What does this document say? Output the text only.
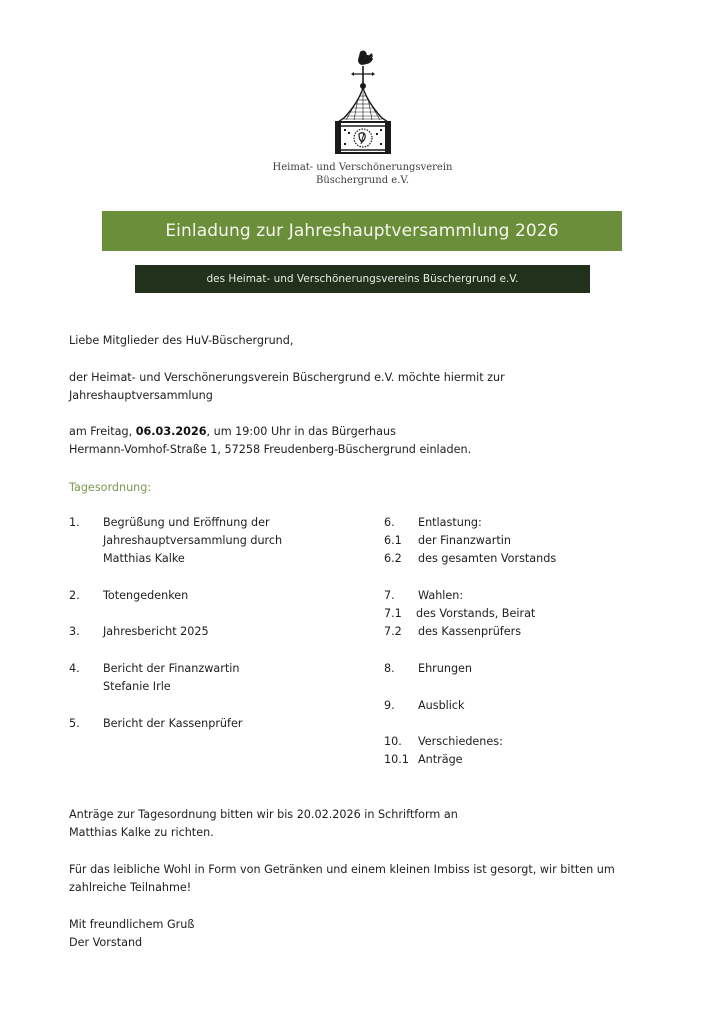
Heimat- und Verschönerungsverein
Büschergrund e.V.
Einladung zur Jahreshauptversammlung 2026
des Heimat- und Verschönerungsvereins Büschergrund e.V.
Liebe Mitglieder des HuV-Büschergrund,
der Heimat- und Verschönerungsverein Büschergrund e.V. möchte hiermit zur
Jahreshauptversammlung
am Freitag, 06.03.2026, um 19:00 Uhr in das Bürgerhaus
Hermann-Vomhof-Straße 1, 57258 Freudenberg-Büschergrund einladen.
Tagesordnung:
1. Begrüßung und Eröffnung der
Jahreshauptversammlung durch
Matthias Kalke
2. Totengedenken
3. Jahresbericht 2025
4. Bericht der Finanzwartin
Stefanie Irle
5. Bericht der Kassenprüfer
6. Entlastung:
6.1 der Finanzwartin
6.2 des gesamten Vorstands
7. Wahlen:
7.1 des Vorstands, Beirat
7.2 des Kassenprüfers
8. Ehrungen
9. Ausblick
10. Verschiedenes:
10.1 Anträge
Anträge zur Tagesordnung bitten wir bis 20.02.2026 in Schriftform an
Matthias Kalke zu richten.
Für das leibliche Wohl in Form von Getränken und einem kleinen Imbiss ist gesorgt, wir bitten um
zahlreiche Teilnahme!
Mit freundlichem Gruß
Der Vorstand
